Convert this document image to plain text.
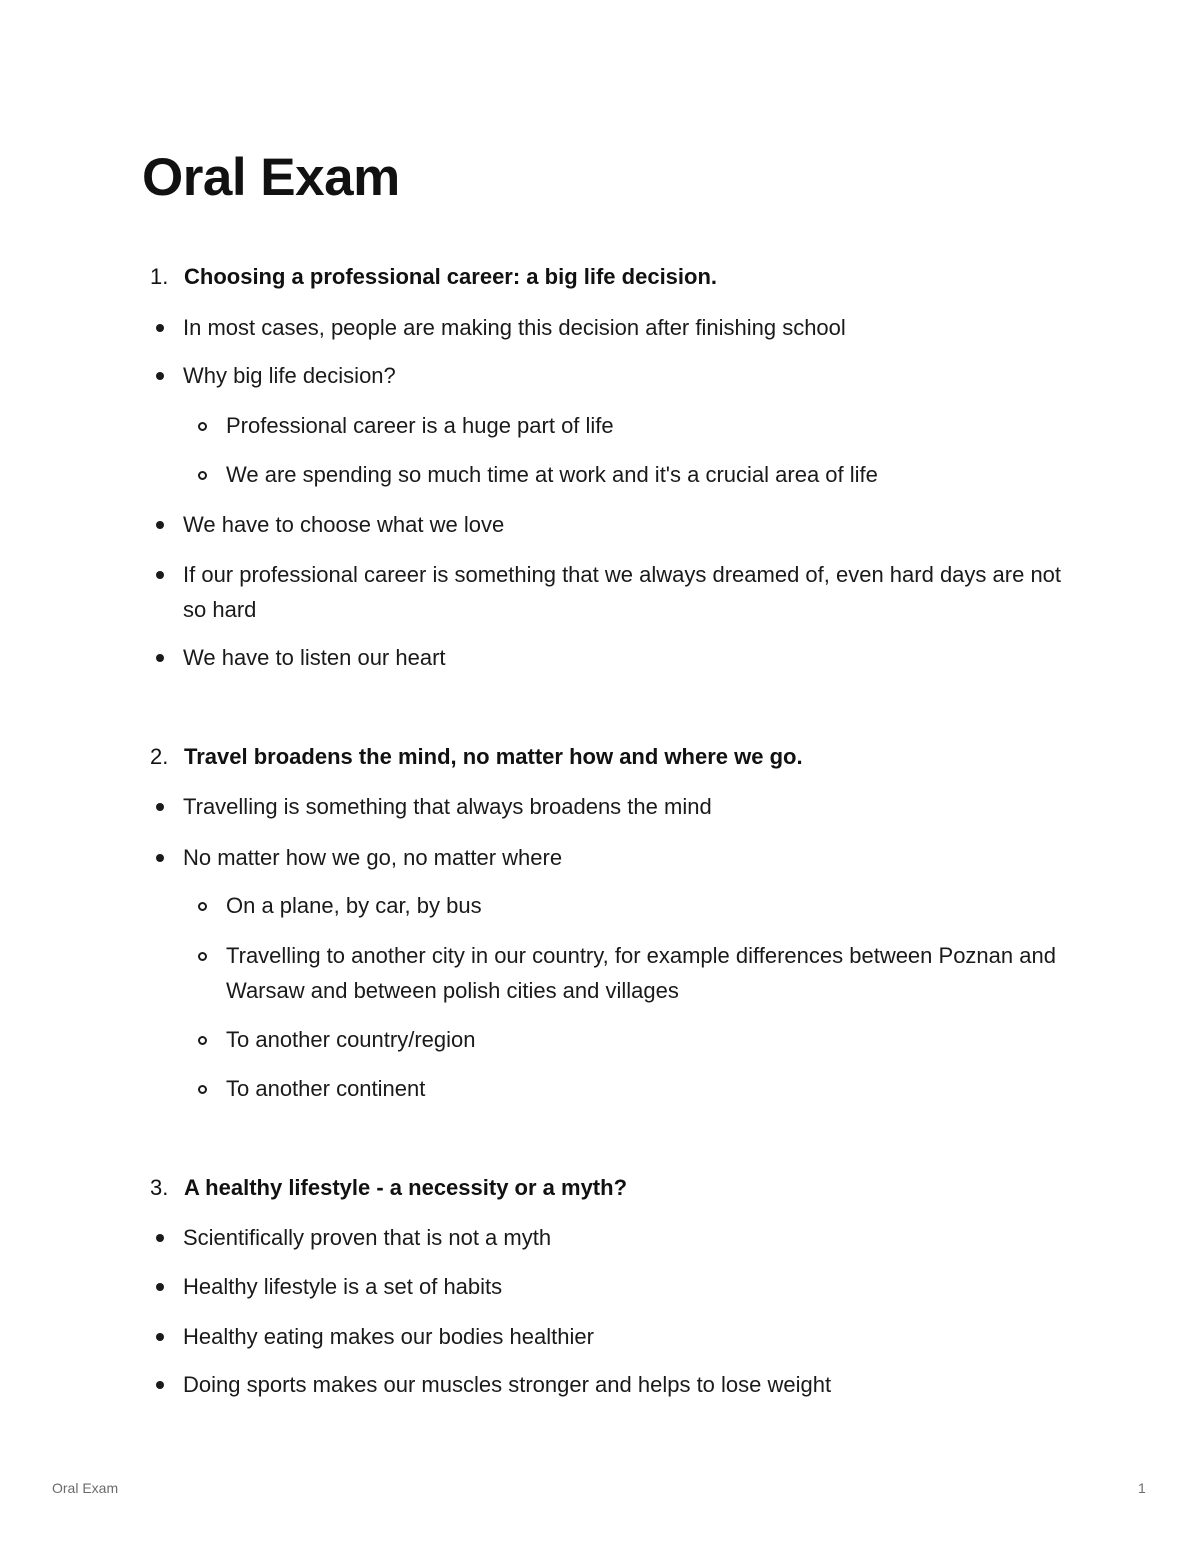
Oral Exam
1. Choosing a professional career: a big life decision.
In most cases, people are making this decision after finishing school
Why big life decision?
Professional career is a huge part of life
We are spending so much time at work and it's a crucial area of life
We have to choose what we love
If our professional career is something that we always dreamed of, even hard days are not so hard
We have to listen our heart
2. Travel broadens the mind, no matter how and where we go.
Travelling is something that always broadens the mind
No matter how we go, no matter where
On a plane, by car, by bus
Travelling to another city in our country, for example differences between Poznan and Warsaw and between polish cities and villages
To another country/region
To another continent
3. A healthy lifestyle - a necessity or a myth?
Scientifically proven that is not a myth
Healthy lifestyle is a set of habits
Healthy eating makes our bodies healthier
Doing sports makes our muscles stronger and helps to lose weight
Oral Exam	1
